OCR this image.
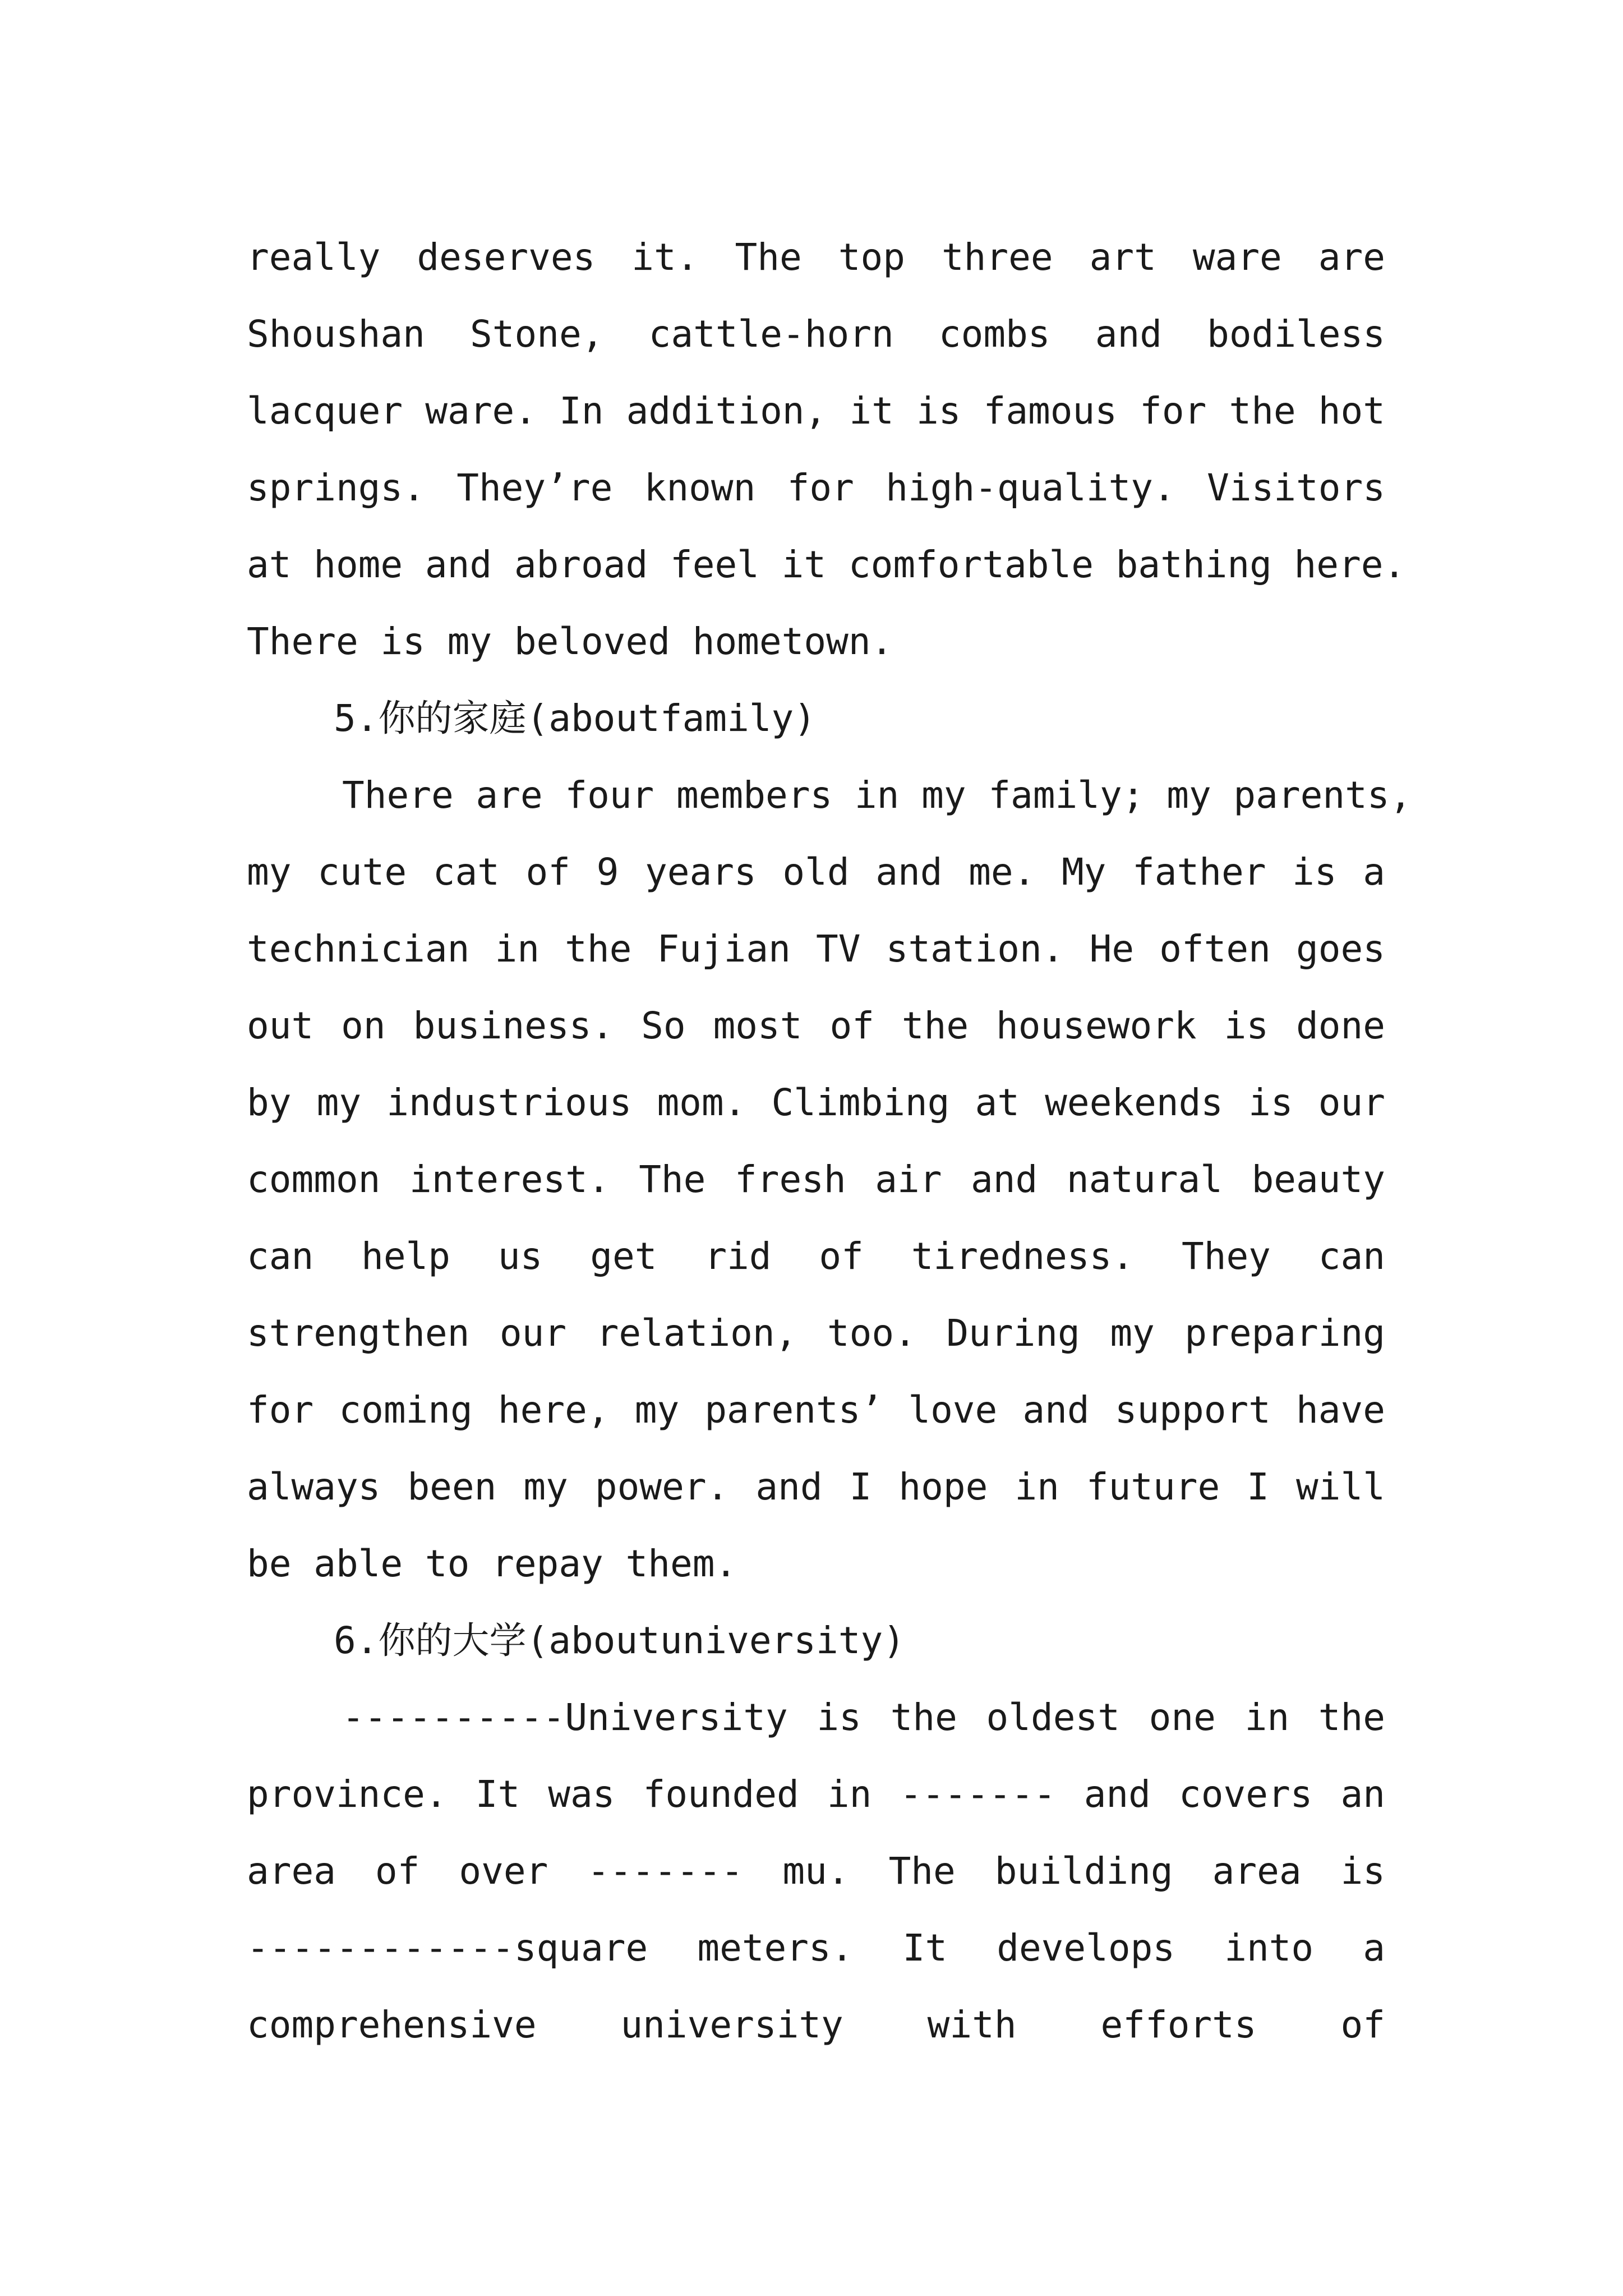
really deserves it. The top three art ware are
Shoushan Stone, cattle-horn combs and bodiless
lacquer ware. In addition, it is famous for the hot
springs. They’re known for high-quality. Visitors
at home and abroad feel it comfortable bathing here.
There is my beloved hometown.
5.你的家庭(aboutfamily)
There are four members in my family; my parents,
my cute cat of 9 years old and me. My father is a
technician in the Fujian TV station. He often goes
out on business. So most of the housework is done
by my industrious mom. Climbing at weekends is our
common interest. The fresh air and natural beauty
can help us get rid of tiredness. They can
strengthen our relation, too. During my preparing
for coming here, my parents’ love and support have
always been my power. and I hope in future I will
be able to repay them.
6.你的大学(aboutuniversity)
----------University is the oldest one in the
province. It was founded in ------- and covers an
area of over ------- mu. The building area is
------------square meters. It develops into a
comprehensive university with efforts of
